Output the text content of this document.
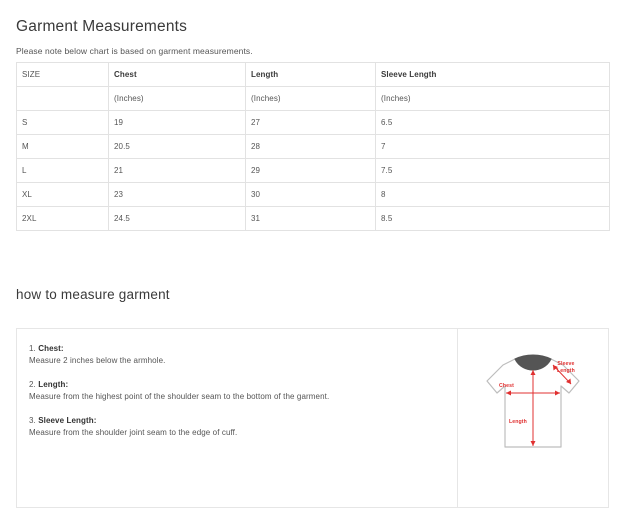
Garment Measurements

Please note below chart is based on garment measurements.

SIZE	Chest	Length	Sleeve Length
	(Inches)	(Inches)	(Inches)
S	19	27	6.5
M	20.5	28	7
L	21	29	7.5
XL	23	30	8
2XL	24.5	31	8.5
how to measure garment
1. Chest:
Measure 2 inches below the armhole.
2. Length:
Measure from the highest point of the shoulder seam to the bottom of the garment.
3. Sleeve Length:
Measure from the shoulder joint seam to the edge of cuff.
Chest
Sleeve
Length
Length
